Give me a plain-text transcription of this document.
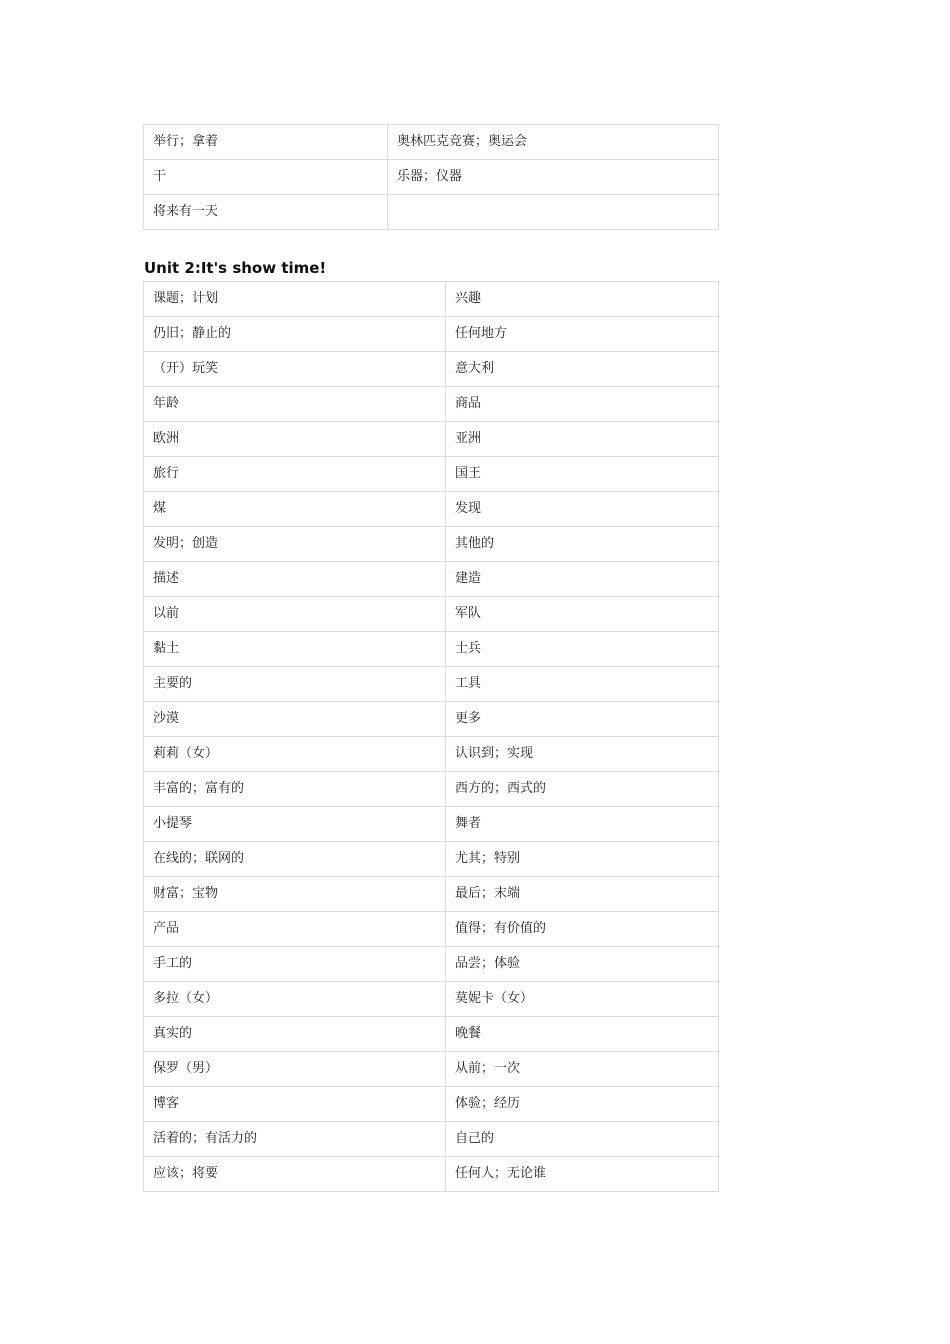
举行；拿着	奥林匹克竞赛；奥运会
干	乐器；仪器
将来有一天	
Unit 2:It's show time!
课题；计划	兴趣
仍旧；静止的	任何地方
（开）玩笑	意大利
年龄	商品
欧洲	亚洲
旅行	国王
煤	发现
发明；创造	其他的
描述	建造
以前	军队
黏土	士兵
主要的	工具
沙漠	更多
莉莉（女）	认识到；实现
丰富的；富有的	西方的；西式的
小提琴	舞者
在线的；联网的	尤其；特别
财富；宝物	最后；末端
产品	值得；有价值的
手工的	品尝；体验
多拉（女）	莫妮卡（女）
真实的	晚餐
保罗（男）	从前；一次
博客	体验；经历
活着的；有活力的	自己的
应该；将要	任何人；无论谁
